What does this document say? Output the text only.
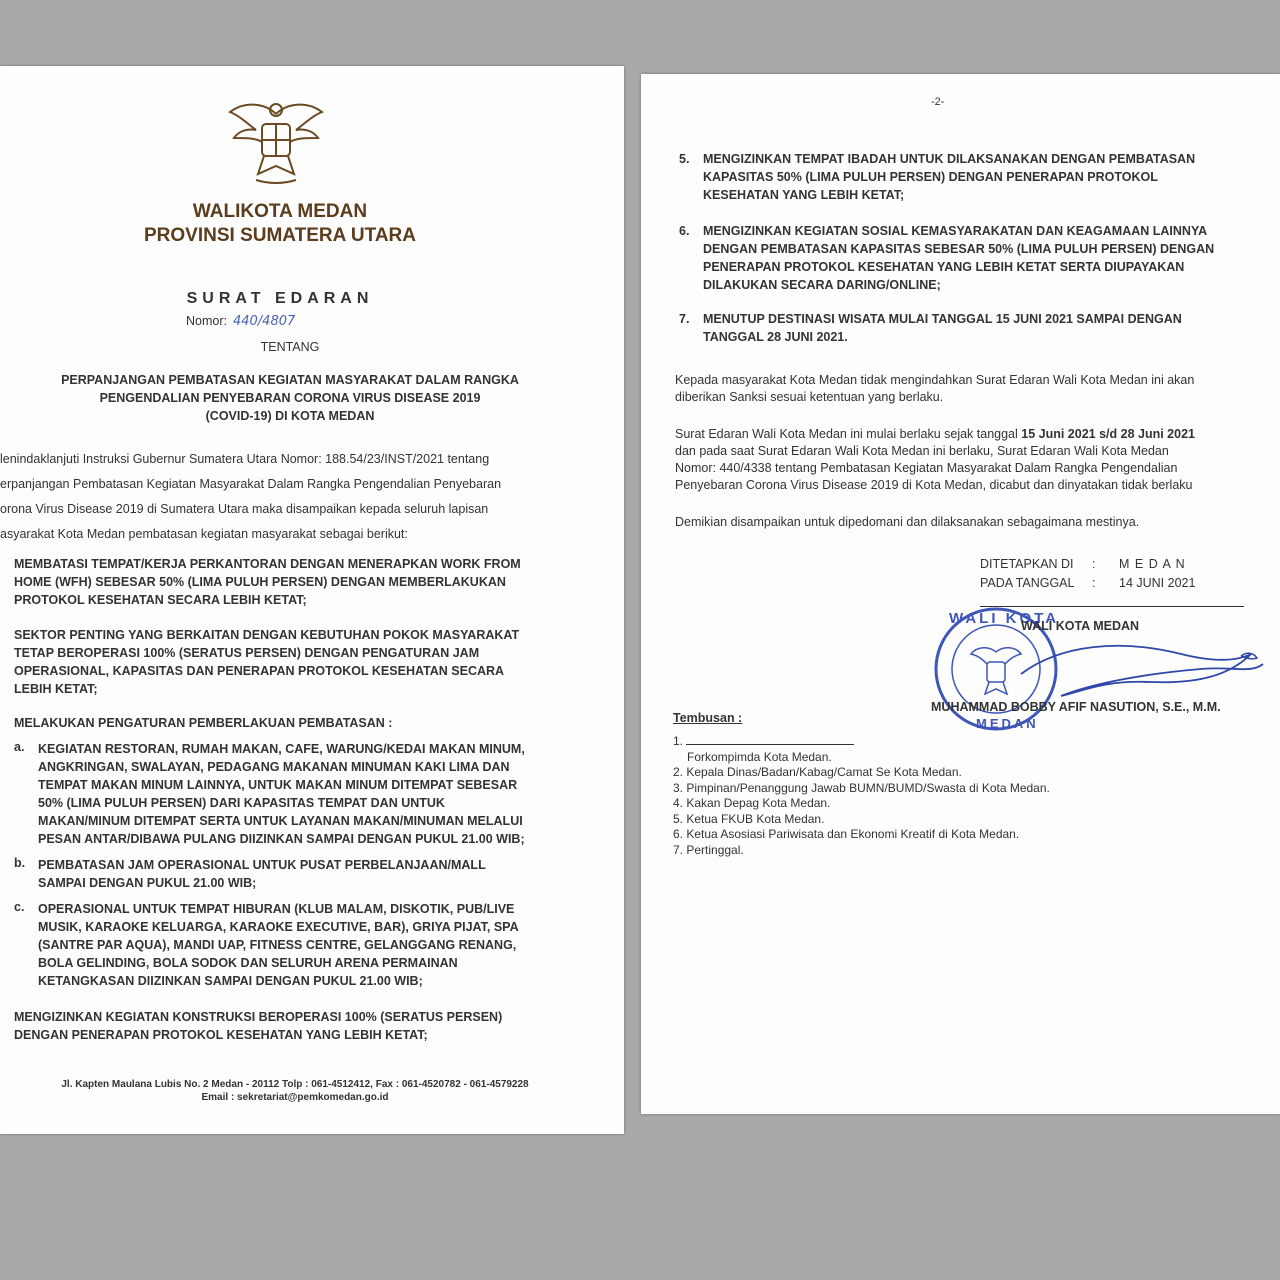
WALIKOTA MEDAN
PROVINSI SUMATERA UTARA
SURAT EDARAN
Nomor: 440/4807
TENTANG
PERPANJANGAN PEMBATASAN KEGIATAN MASYARAKAT DALAM RANGKA
PENGENDALIAN PENYEBARAN CORONA VIRUS DISEASE 2019
(COVID-19) DI KOTA MEDAN
lenindaklanjuti Instruksi Gubernur Sumatera Utara Nomor: 188.54/23/INST/2021 tentang
erpanjangan Pembatasan Kegiatan Masyarakat Dalam Rangka Pengendalian Penyebaran
orona Virus Disease 2019 di Sumatera Utara maka disampaikan kepada seluruh lapisan
asyarakat Kota Medan pembatasan kegiatan masyarakat sebagai berikut:
MEMBATASI TEMPAT/KERJA PERKANTORAN DENGAN MENERAPKAN WORK FROM
HOME (WFH) SEBESAR 50% (LIMA PULUH PERSEN) DENGAN MEMBERLAKUKAN
PROTOKOL KESEHATAN SECARA LEBIH KETAT;
SEKTOR PENTING YANG BERKAITAN DENGAN KEBUTUHAN POKOK MASYARAKAT
TETAP BEROPERASI 100% (SERATUS PERSEN) DENGAN PENGATURAN JAM
OPERASIONAL, KAPASITAS DAN PENERAPAN PROTOKOL KESEHATAN SECARA
LEBIH KETAT;
MELAKUKAN PENGATURAN PEMBERLAKUAN PEMBATASAN :
a. KEGIATAN RESTORAN, RUMAH MAKAN, CAFE, WARUNG/KEDAI MAKAN MINUM,
ANGKRINGAN, SWALAYAN, PEDAGANG MAKANAN MINUMAN KAKI LIMA DAN
TEMPAT MAKAN MINUM LAINNYA, UNTUK MAKAN MINUM DITEMPAT SEBESAR
50% (LIMA PULUH PERSEN) DARI KAPASITAS TEMPAT DAN UNTUK
MAKAN/MINUM DITEMPAT SERTA UNTUK LAYANAN MAKAN/MINUMAN MELALUI
PESAN ANTAR/DIBAWA PULANG DIIZINKAN SAMPAI DENGAN PUKUL 21.00 WIB;
b. PEMBATASAN JAM OPERASIONAL UNTUK PUSAT PERBELANJAAN/MALL
SAMPAI DENGAN PUKUL 21.00 WIB;
c. OPERASIONAL UNTUK TEMPAT HIBURAN (KLUB MALAM, DISKOTIK, PUB/LIVE
MUSIK, KARAOKE KELUARGA, KARAOKE EXECUTIVE, BAR), GRIYA PIJAT, SPA
(SANTRE PAR AQUA), MANDI UAP, FITNESS CENTRE, GELANGGANG RENANG,
BOLA GELINDING, BOLA SODOK DAN SELURUH ARENA PERMAINAN
KETANGKASAN DIIZINKAN SAMPAI DENGAN PUKUL 21.00 WIB;
MENGIZINKAN KEGIATAN KONSTRUKSI BEROPERASI 100% (SERATUS PERSEN)
DENGAN PENERAPAN PROTOKOL KESEHATAN YANG LEBIH KETAT;
Jl. Kapten Maulana Lubis No. 2 Medan - 20112 Tolp : 061-4512412, Fax : 061-4520782 - 061-4579228
Email : sekretariat@pemkomedan.go.id
-2-
5. MENGIZINKAN TEMPAT IBADAH UNTUK DILAKSANAKAN DENGAN PEMBATASAN
KAPASITAS 50% (LIMA PULUH PERSEN) DENGAN PENERAPAN PROTOKOL
KESEHATAN YANG LEBIH KETAT;
6. MENGIZINKAN KEGIATAN SOSIAL KEMASYARAKATAN DAN KEAGAMAAN LAINNYA
DENGAN PEMBATASAN KAPASITAS SEBESAR 50% (LIMA PULUH PERSEN) DENGAN
PENERAPAN PROTOKOL KESEHATAN YANG LEBIH KETAT SERTA DIUPAYAKAN
DILAKUKAN SECARA DARING/ONLINE;
7. MENUTUP DESTINASI WISATA MULAI TANGGAL 15 JUNI 2021 SAMPAI DENGAN
TANGGAL 28 JUNI 2021.
Kepada masyarakat Kota Medan tidak mengindahkan Surat Edaran Wali Kota Medan ini akan
diberikan Sanksi sesuai ketentuan yang berlaku.
Surat Edaran Wali Kota Medan ini mulai berlaku sejak tanggal 15 Juni 2021 s/d 28 Juni 2021
dan pada saat Surat Edaran Wali Kota Medan ini berlaku, Surat Edaran Wali Kota Medan
Nomor: 440/4338 tentang Pembatasan Kegiatan Masyarakat Dalam Rangka Pengendalian
Penyebaran Corona Virus Disease 2019 di Kota Medan, dicabut dan dinyatakan tidak berlaku
Demikian disampaikan untuk dipedomani dan dilaksanakan sebagaimana mestinya.
DITETAPKAN DI : M E D A N
PADA TANGGAL : 14 JUNI 2021
WALI KOTA
MEDAN
WALI KOTA MEDAN
MUHAMMAD BOBBY AFIF NASUTION, S.E., M.M.
Tembusan :
1.
Forkompimda Kota Medan.
2. Kepala Dinas/Badan/Kabag/Camat Se Kota Medan.
3. Pimpinan/Penanggung Jawab BUMN/BUMD/Swasta di Kota Medan.
4. Kakan Depag Kota Medan.
5. Ketua FKUB Kota Medan.
6. Ketua Asosiasi Pariwisata dan Ekonomi Kreatif di Kota Medan.
7. Pertinggal.
